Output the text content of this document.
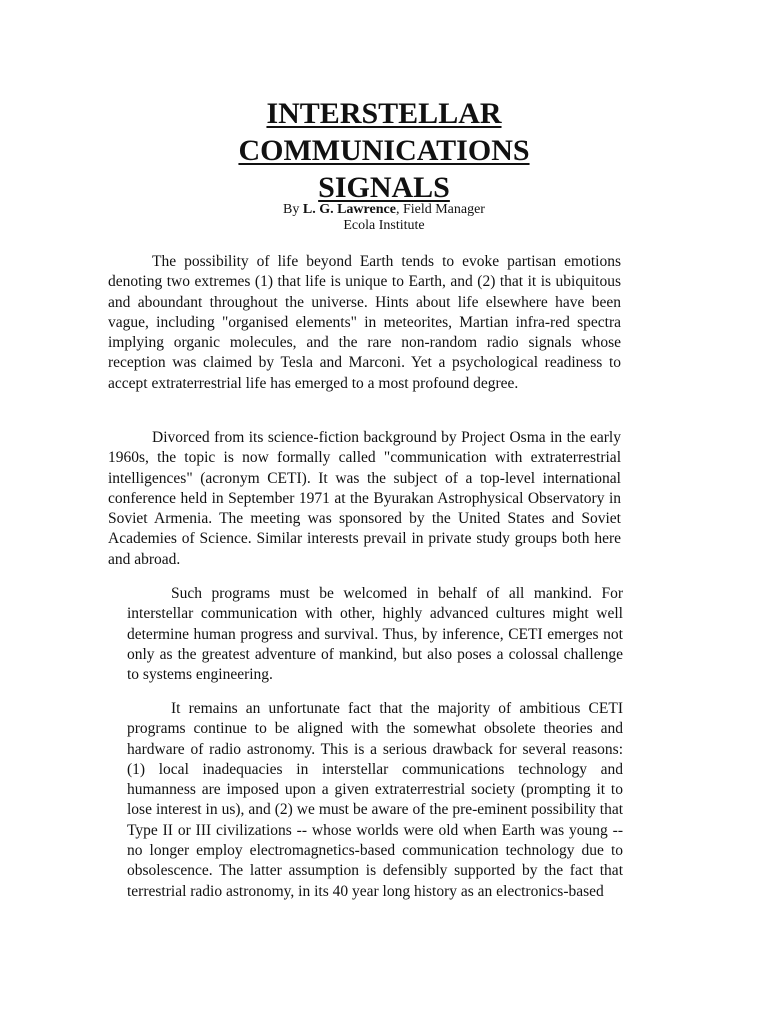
INTERSTELLAR
COMMUNICATIONS
SIGNALS
By L. G. Lawrence, Field Manager
Ecola Institute

The possibility of life beyond Earth tends to evoke partisan emotions denoting two extremes (1) that life is unique to Earth, and (2) that it is ubiquitous and aboundant throughout the universe. Hints about life elsewhere have been vague, including "organised elements" in meteorites, Martian infra-red spectra implying organic molecules, and the rare non-random radio signals whose reception was claimed by Tesla and Marconi. Yet a psychological readiness to accept extraterrestrial life has emerged to a most profound degree.

Divorced from its science-fiction background by Project Osma in the early 1960s, the topic is now formally called "communication with extraterrestrial intelligences" (acronym CETI). It was the subject of a top-level international conference held in September 1971 at the Byurakan Astrophysical Observatory in Soviet Armenia. The meeting was sponsored by the United States and Soviet Academies of Science. Similar interests prevail in private study groups both here and abroad.

Such programs must be welcomed in behalf of all mankind. For interstellar communication with other, highly advanced cultures might well determine human progress and survival. Thus, by inference, CETI emerges not only as the greatest adventure of mankind, but also poses a colossal challenge to systems engineering.

It remains an unfortunate fact that the majority of ambitious CETI programs continue to be aligned with the somewhat obsolete theories and hardware of radio astronomy. This is a serious drawback for several reasons: (1) local inadequacies in interstellar communications technology and humanness are imposed upon a given extraterrestrial society (prompting it to lose interest in us), and (2) we must be aware of the pre-eminent possibility that Type II or III civilizations -- whose worlds were old when Earth was young -- no longer employ electromagnetics-based communication technology due to obsolescence. The latter assumption is defensibly supported by the fact that terrestrial radio astronomy, in its 40 year long history as an electronics-based
